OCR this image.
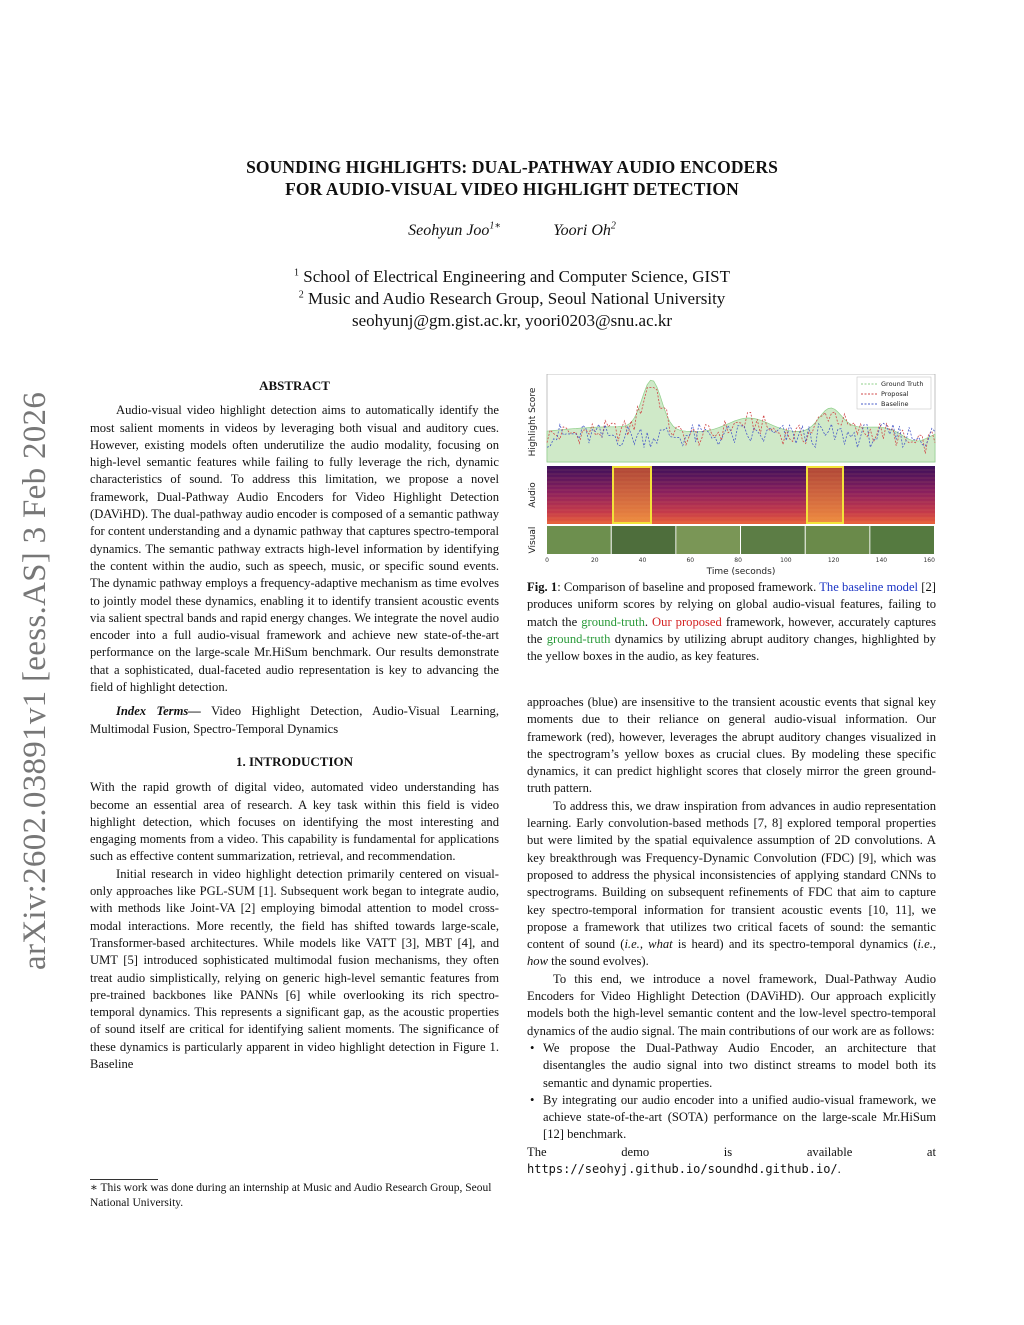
arXiv:2602.03891v1 [eess.AS] 3 Feb 2026
SOUNDING HIGHLIGHTS: DUAL-PATHWAY AUDIO ENCODERS
FOR AUDIO-VISUAL VIDEO HIGHLIGHT DETECTION
Seohyun Joo$^{1∗}$	Yoori Oh$^2$
$^1$ School of Electrical Engineering and Computer Science, GIST
$^2$ Music and Audio Research Group, Seoul National University
seohyunj@gm.gist.ac.kr, yoori0203@snu.ac.kr
ABSTRACT

Audio-visual video highlight detection aims to automatically identify the most salient moments in videos by leveraging both visual and auditory cues. However, existing models often underutilize the audio modality, focusing on high-level semantic features while failing to fully leverage the rich, dynamic characteristics of sound. To address this limitation, we propose a novel framework, Dual-Pathway Audio Encoders for Video Highlight Detection (DAViHD). The dual-pathway audio encoder is composed of a semantic pathway for content understanding and a dynamic pathway that captures spectro-temporal dynamics. The semantic pathway extracts high-level information by identifying the content within the audio, such as speech, music, or specific sound events. The dynamic pathway employs a frequency-adaptive mechanism as time evolves to jointly model these dynamics, enabling it to identify transient acoustic events via salient spectral bands and rapid energy changes. We integrate the novel audio encoder into a full audio-visual framework and achieve new state-of-the-art performance on the large-scale Mr.HiSum benchmark. Our results demonstrate that a sophisticated, dual-faceted audio representation is key to advancing the field of highlight detection.

Index Terms— Video Highlight Detection, Audio-Visual Learning, Multimodal Fusion, Spectro-Temporal Dynamics

1. INTRODUCTION

With the rapid growth of digital video, automated video understanding has become an essential area of research. A key task within this field is video highlight detection, which focuses on identifying the most interesting and engaging moments from a video. This capability is fundamental for applications such as effective content summarization, retrieval, and recommendation.

Initial research in video highlight detection primarily centered on visual-only approaches like PGL-SUM [1]. Subsequent work began to integrate audio, with methods like Joint-VA [2] employing bimodal attention to model cross-modal interactions. More recently, the field has shifted towards large-scale, Transformer-based architectures. While models like VATT [3], MBT [4], and UMT [5] introduced sophisticated multimodal fusion mechanisms, they often treat audio simplistically, relying on generic high-level semantic features from pre-trained backbones like PANNs [6] while overlooking its rich spectro-temporal dynamics. This represents a significant gap, as the acoustic properties of sound itself are critical for identifying salient moments. The significance of these dynamics is particularly apparent in video highlight detection in Figure 1. Baseline

∗ This work was done during an internship at Music and Audio Research Group, Seoul National University.
Highlight Score
Audio
Visual
Ground Truth
Proposal
Baseline
0	20	40	60	80	100	120	140	160
Time (seconds)
Fig. 1: Comparison of baseline and proposed framework. The baseline model [2] produces uniform scores by relying on global audio-visual features, failing to match the ground-truth. Our proposed framework, however, accurately captures the ground-truth dynamics by utilizing abrupt auditory changes, highlighted by the yellow boxes in the audio, as key features.

approaches (blue) are insensitive to the transient acoustic events that signal key moments due to their reliance on general audio-visual information. Our framework (red), however, leverages the abrupt auditory changes visualized in the spectrogram’s yellow boxes as crucial clues. By modeling these specific dynamics, it can predict highlight scores that closely mirror the green ground-truth pattern.

To address this, we draw inspiration from advances in audio representation learning. Early convolution-based methods [7, 8] explored temporal properties but were limited by the spatial equivalence assumption of 2D convolutions. A key breakthrough was Frequency-Dynamic Convolution (FDC) [9], which was proposed to address the physical inconsistencies of applying standard CNNs to spectrograms. Building on subsequent refinements of FDC that aim to capture key spectro-temporal information for transient acoustic events [10, 11], we propose a framework that utilizes two critical facets of sound: the semantic content of sound (i.e., what is heard) and its spectro-temporal dynamics (i.e., how the sound evolves).

To this end, we introduce a novel framework, Dual-Pathway Audio Encoders for Video Highlight Detection (DAViHD). Our approach explicitly models both the high-level semantic content and the low-level spectro-temporal dynamics of the audio signal. The main contributions of our work are as follows:

• We propose the Dual-Pathway Audio Encoder, an architecture that disentangles the audio signal into two distinct streams to model both its semantic and dynamic properties.
• By integrating our audio encoder into a unified audio-visual framework, we achieve state-of-the-art (SOTA) performance on the large-scale Mr.HiSum [12] benchmark.

The demo is available at https://seohyj.github.io/soundhd.github.io/.
